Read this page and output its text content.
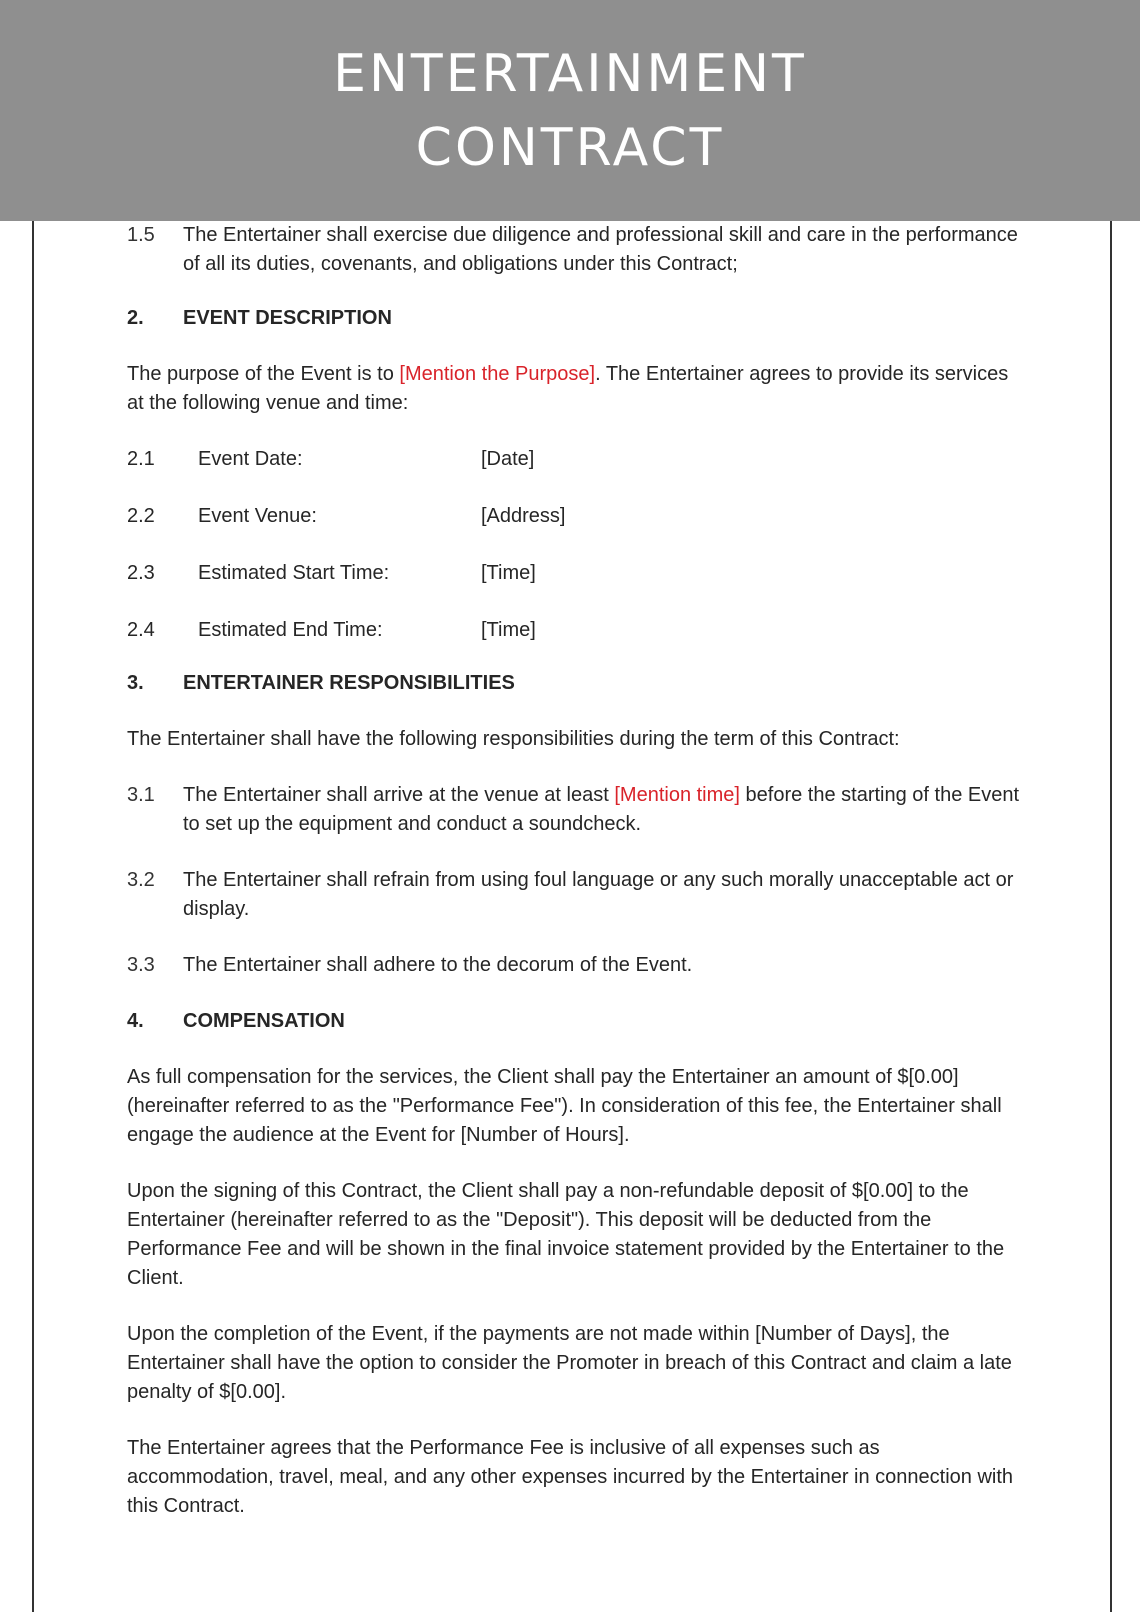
ENTERTAINMENT
CONTRACT
1.5	The Entertainer shall exercise due diligence and professional skill and care in the performance of all its duties, covenants, and obligations under this Contract;
2.	EVENT DESCRIPTION

The purpose of the Event is to [Mention the Purpose]. The Entertainer agrees to provide its services at the following venue and time:

2.1	Event Date:	[Date]
2.2	Event Venue:	[Address]
2.3	Estimated Start Time:	[Time]
2.4	Estimated End Time:	[Time]
3.	ENTERTAINER RESPONSIBILITIES

The Entertainer shall have the following responsibilities during the term of this Contract:

3.1	The Entertainer shall arrive at the venue at least [Mention time] before the starting of the Event to set up the equipment and conduct a soundcheck.
3.2	The Entertainer shall refrain from using foul language or any such morally unacceptable act or display.
3.3	The Entertainer shall adhere to the decorum of the Event.
4.	COMPENSATION

As full compensation for the services, the Client shall pay the Entertainer an amount of $[0.00] (hereinafter referred to as the "Performance Fee"). In consideration of this fee, the Entertainer shall engage the audience at the Event for [Number of Hours].

Upon the signing of this Contract, the Client shall pay a non-refundable deposit of $[0.00] to the Entertainer (hereinafter referred to as the "Deposit"). This deposit will be deducted from the Performance Fee and will be shown in the final invoice statement provided by the Entertainer to the Client.

Upon the completion of the Event, if the payments are not made within [Number of Days], the Entertainer shall have the option to consider the Promoter in breach of this Contract and claim a late penalty of $[0.00].

The Entertainer agrees that the Performance Fee is inclusive of all expenses such as accommodation, travel, meal, and any other expenses incurred by the Entertainer in connection with this Contract.
